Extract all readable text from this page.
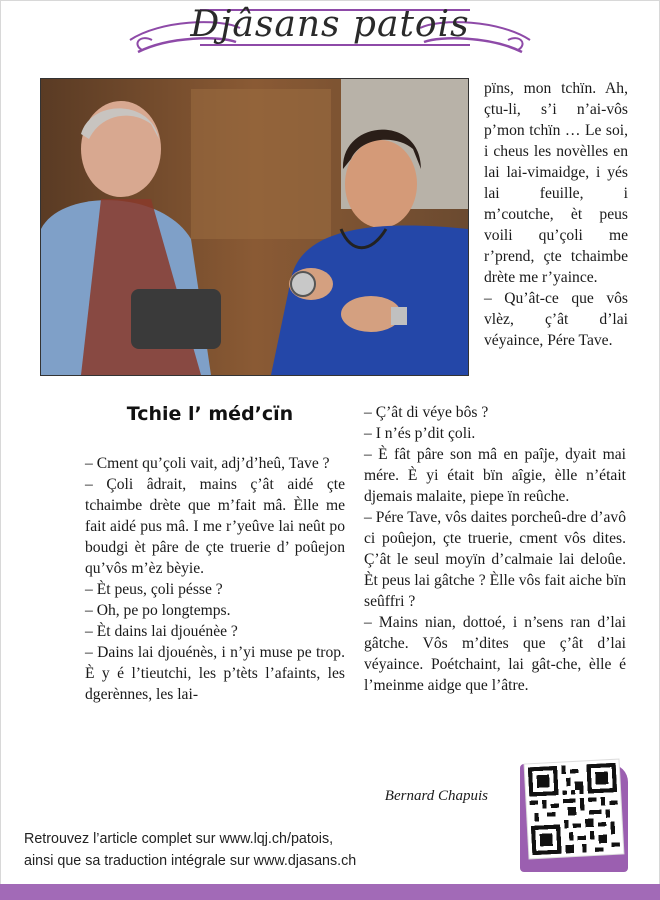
Djâsans patois

pïns, mon tchïn. Ah, çtu-li, s’i n’ai-vôs p’mon tchïn … Le soi, i cheus les novèlles en lai lai-vimaidge, i yés lai feuille, i m’coutche, èt peus voili qu’çoli me r’prend, çte tchaimbe drète me r’yaince.

– Qu’ât-ce que vôs vlèz, ç’ât d’lai véyaince, Pére Tave.

Tchie l’ méd’cïn

– Cment qu’çoli vait, adj’d’heû, Tave ?

– Çoli âdrait, mains ç’ât aidé çte tchaimbe drète que m’fait mâ. Èlle me fait aidé pus mâ. I me r’yeûve lai neût po boudgi èt pâre de çte truerie d’ poûejon qu’vôs m’èz bèyie.

– Èt peus, çoli pésse ?

– Oh, pe po longtemps.

– Èt dains lai djouénèe ?

– Dains lai djouénès, i n’yi muse pe trop. È y é l’tieutchi, les p’tèts l’afaints, les dgerènnes, les lai-

– Ç’ât di véye bôs ?

– I n’és p’dit çoli.

– È fât pâre son mâ en paîje, dyait mai mére. È yi était bïn aîgie, èlle n’était djemais malaite, piepe ïn reûche.

– Pére Tave, vôs daites porcheû-dre d’avô ci poûejon, çte truerie, cment vôs dites. Ç’ât le seul moyïn d’calmaie lai deloûe. Èt peus lai gâtche ? Èlle vôs fait aiche bïn seûffri ?

– Mains nian, dottoé, i n’sens ran d’lai gâtche. Vôs m’dites que ç’ât d’lai véyaince. Poétchaint, lai gât-che, èlle é l’meinme aidge que l’âtre.

Bernard Chapuis
Retrouvez l’article complet sur www.lqj.ch/patois,
ainsi que sa traduction intégrale sur www.djasans.ch
